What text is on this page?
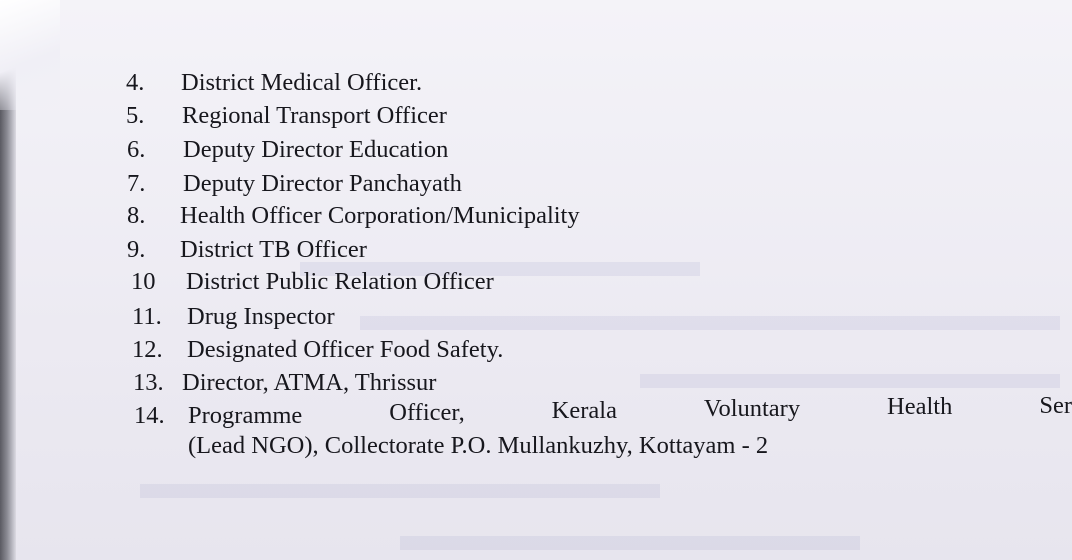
4. District Medical Officer.
5. Regional Transport Officer
6. Deputy Director Education
7. Deputy Director Panchayath
8. Health Officer Corporation/Municipality
9. District TB Officer
10 District Public Relation Officer
11. Drug Inspector
12. Designated Officer Food Safety.
13. Director, ATMA, Thrissur
14. Programme	Officer,	Kerala	Voluntary	Health	Ser
(Lead NGO), Collectorate P.O. Mullankuzhy, Kottayam - 2
